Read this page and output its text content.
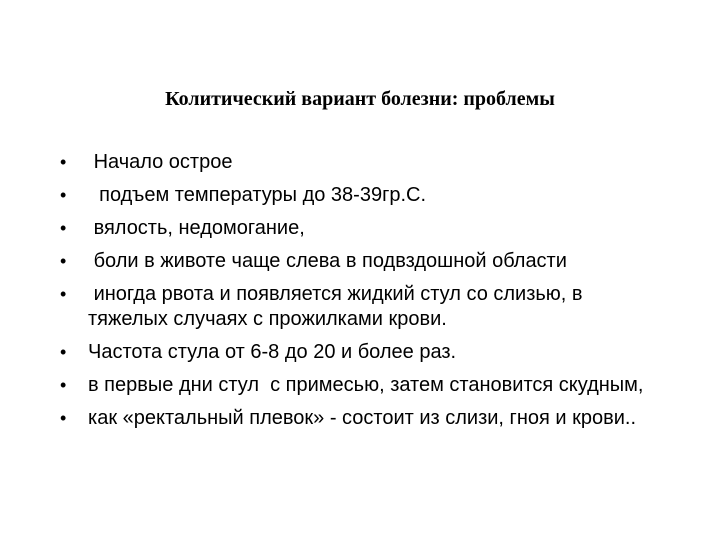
Колитический вариант болезни: проблемы
• Начало острое
• подъем температуры до 38-39гр.С.
• вялость, недомогание,
• боли в животе чаще слева в подвздошной области
• иногда рвота и появляется жидкий стул со слизью, в тяжелых случаях с прожилками крови.
• Частота стула от 6-8 до 20 и более раз.
• в первые дни стул  с примесью, затем становится скудным,
• как «ректальный плевок» - состоит из слизи, гноя и крови..
